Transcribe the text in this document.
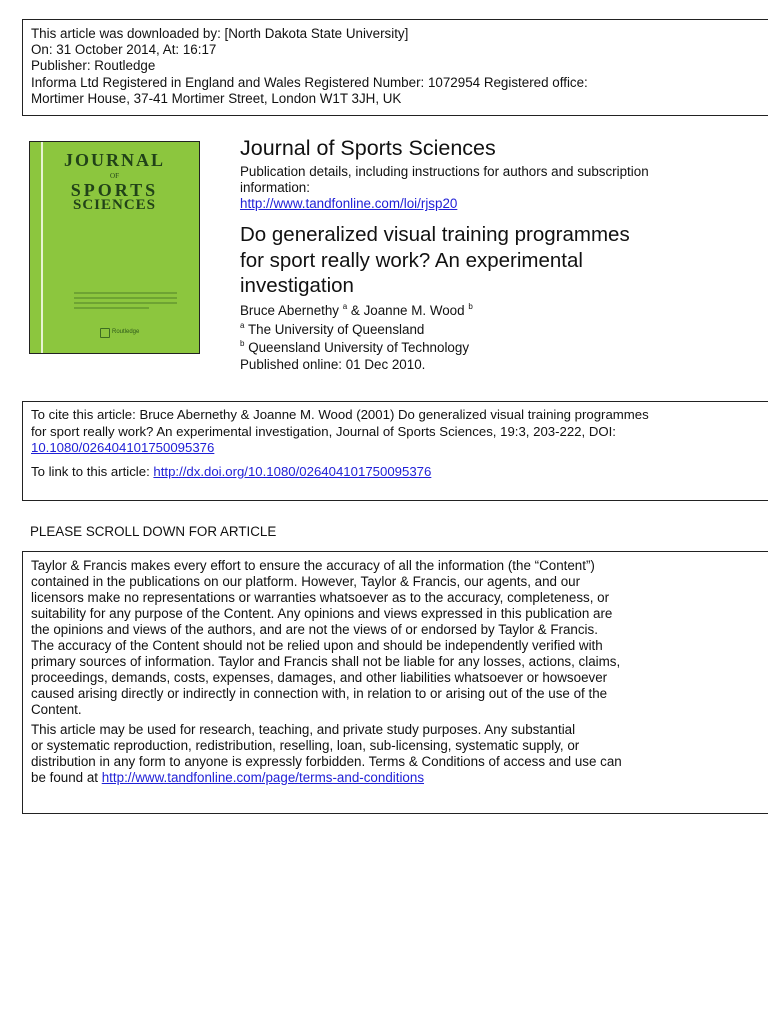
This article was downloaded by: [North Dakota State University]
On: 31 October 2014, At: 16:17
Publisher: Routledge
Informa Ltd Registered in England and Wales Registered Number: 1072954 Registered office:
Mortimer House, 37-41 Mortimer Street, London W1T 3JH, UK
JOURNAL
OF
SPORTS
SCIENCES
Routledge
Journal of Sports Sciences
Publication details, including instructions for authors and subscription
information:
http://www.tandfonline.com/loi/rjsp20
Do generalized visual training programmes
for sport really work? An experimental
investigation
Bruce Abernethy $^a$ & Joanne M. Wood $^b$
$^a$ The University of Queensland
$^b$ Queensland University of Technology
Published online: 01 Dec 2010.
To cite this article: Bruce Abernethy & Joanne M. Wood (2001) Do generalized visual training programmes
for sport really work? An experimental investigation, Journal of Sports Sciences, 19:3, 203-222, DOI:
10.1080/026404101750095376
To link to this article: http://dx.doi.org/10.1080/026404101750095376
PLEASE SCROLL DOWN FOR ARTICLE
Taylor & Francis makes every effort to ensure the accuracy of all the information (the “Content”)
contained in the publications on our platform. However, Taylor & Francis, our agents, and our
licensors make no representations or warranties whatsoever as to the accuracy, completeness, or
suitability for any purpose of the Content. Any opinions and views expressed in this publication are
the opinions and views of the authors, and are not the views of or endorsed by Taylor & Francis.
The accuracy of the Content should not be relied upon and should be independently verified with
primary sources of information. Taylor and Francis shall not be liable for any losses, actions, claims,
proceedings, demands, costs, expenses, damages, and other liabilities whatsoever or howsoever
caused arising directly or indirectly in connection with, in relation to or arising out of the use of the
Content.
This article may be used for research, teaching, and private study purposes. Any substantial
or systematic reproduction, redistribution, reselling, loan, sub-licensing, systematic supply, or
distribution in any form to anyone is expressly forbidden. Terms & Conditions of access and use can
be found at http://www.tandfonline.com/page/terms-and-conditions
